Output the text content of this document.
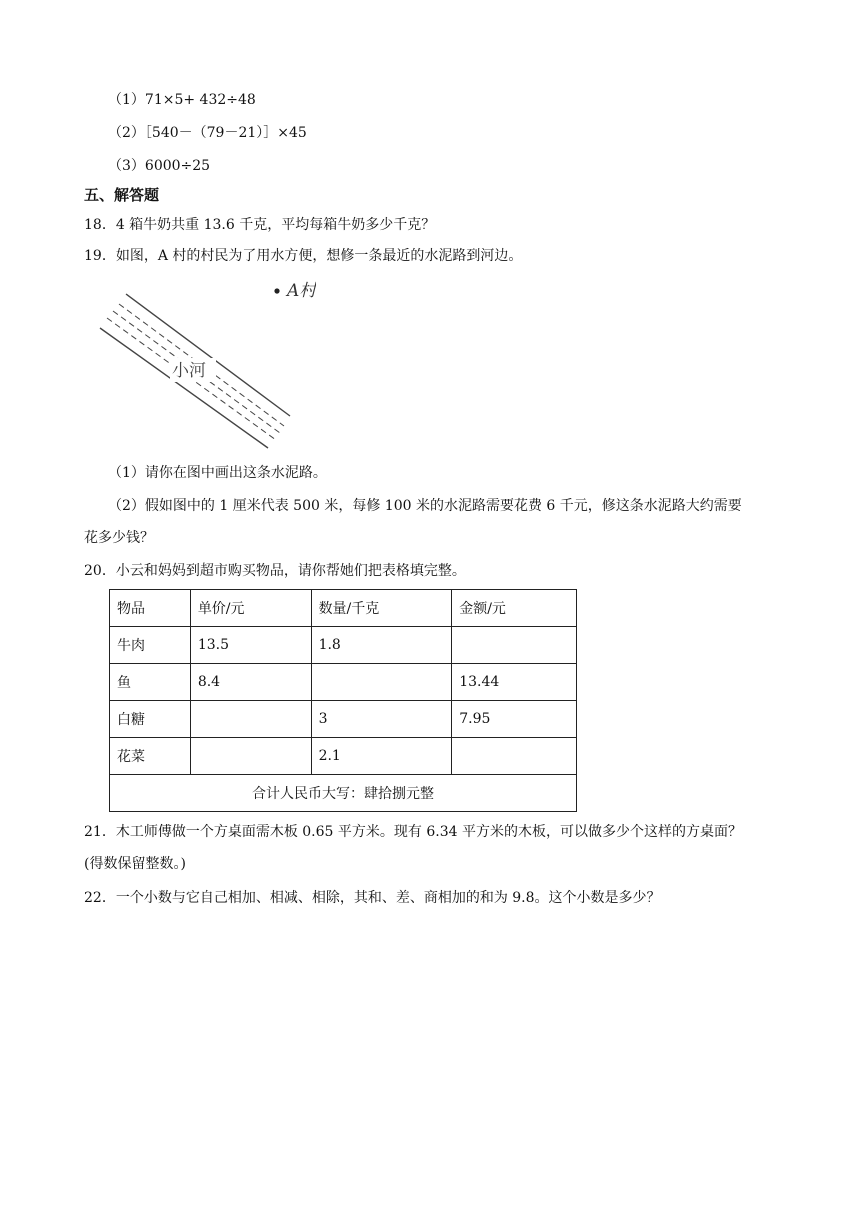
（1）71×5+ 432÷48
（2）［540－（79－21）］×45
（3）6000÷25
五、解答题
18．4 箱牛奶共重 13.6 千克，平均每箱牛奶多少千克？
19．如图，A 村的村民为了用水方便，想修一条最近的水泥路到河边。
小河
A村
（1）请你在图中画出这条水泥路。
（2）假如图中的 1 厘米代表 500 米，每修 100 米的水泥路需要花费 6 千元，修这条水泥路大约需要
花多少钱？
20．小云和妈妈到超市购买物品，请你帮她们把表格填完整。
物品	单价/元	数量/千克	金额/元
牛肉	13.5	1.8	
鱼	8.4		13.44
白糖		3	7.95
花菜		2.1	
合计人民币大写：肆拾捌元整			
21．木工师傅做一个方桌面需木板 0.65 平方米。现有 6.34 平方米的木板，可以做多少个这样的方桌面？
(得数保留整数。)
22．一个小数与它自己相加、相减、相除，其和、差、商相加的和为 9.8。这个小数是多少？
